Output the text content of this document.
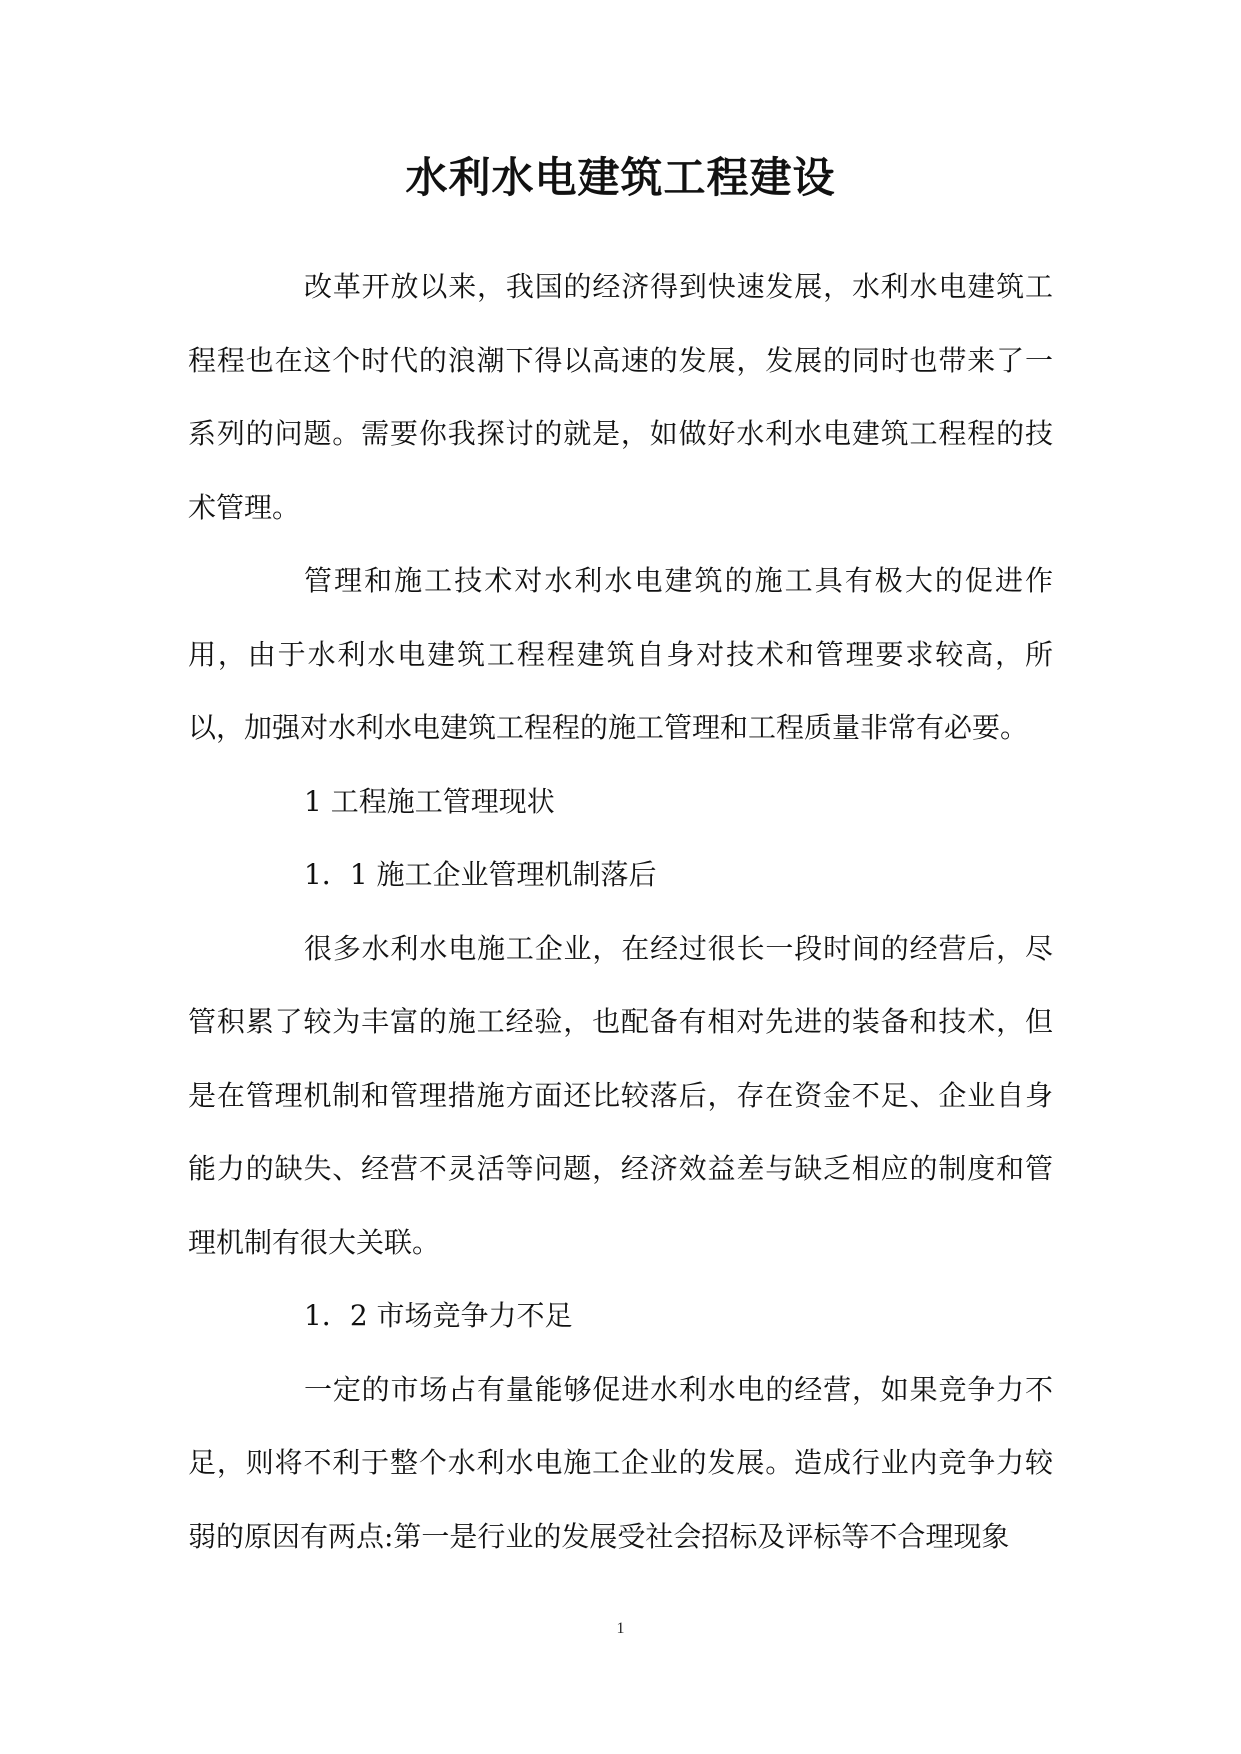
水利水电建筑工程建设

改革开放以来，我国的经济得到快速发展，水利水电建筑工程程也在这个时代的浪潮下得以高速的发展，发展的同时也带来了一系列的问题。需要你我探讨的就是，如做好水利水电建筑工程程的技术管理。

管理和施工技术对水利水电建筑的施工具有极大的促进作用，由于水利水电建筑工程程建筑自身对技术和管理要求较高，所以，加强对水利水电建筑工程程的施工管理和工程质量非常有必要。

1 工程施工管理现状

1．1 施工企业管理机制落后

很多水利水电施工企业，在经过很长一段时间的经营后，尽管积累了较为丰富的施工经验，也配备有相对先进的装备和技术，但是在管理机制和管理措施方面还比较落后，存在资金不足、企业自身能力的缺失、经营不灵活等问题，经济效益差与缺乏相应的制度和管理机制有很大关联。

1．2 市场竞争力不足

一定的市场占有量能够促进水利水电的经营，如果竞争力不足，则将不利于整个水利水电施工企业的发展。造成行业内竞争力较弱的原因有两点:第一是行业的发展受社会招标及评标等不合理现象

1
